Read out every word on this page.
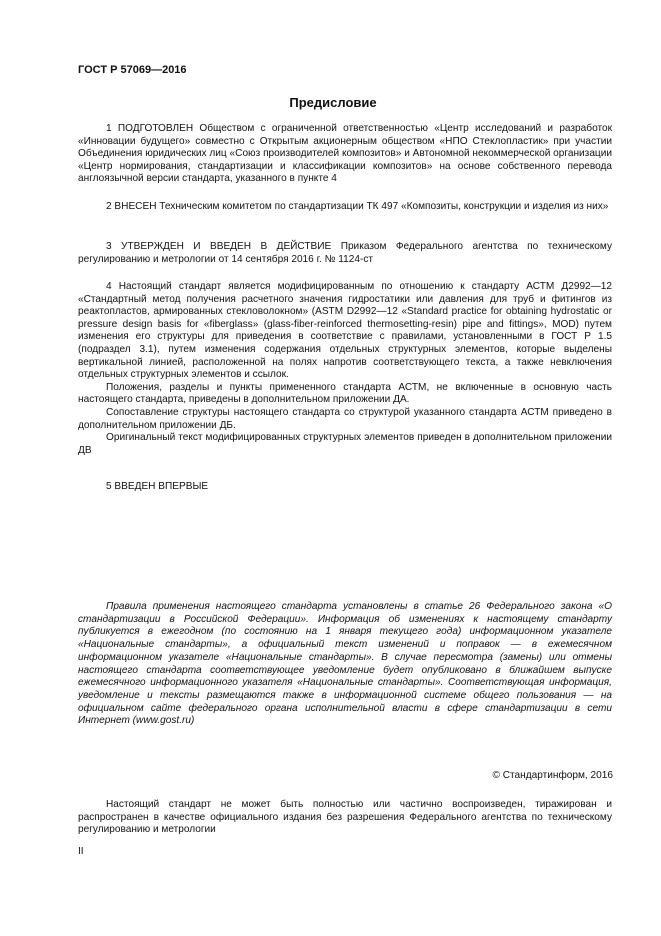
ГОСТ Р 57069—2016
Предисловие

1 ПОДГОТОВЛЕН Обществом с ограниченной ответственностью «Центр исследований и разработок «Инновации будущего» совместно с Открытым акционерным обществом «НПО Стеклопластик» при участии Объединения юридических лиц «Союз производителей композитов» и Автономной некоммерческой организации «Центр нормирования, стандартизации и классификации композитов» на основе собственного перевода англоязычной версии стандарта, указанного в пункте 4

2 ВНЕСЕН Техническим комитетом по стандартизации ТК 497 «Композиты, конструкции и изделия из них»

3 УТВЕРЖДЕН И ВВЕДЕН В ДЕЙСТВИЕ Приказом Федерального агентства по техническому регулированию и метрологии от 14 сентября 2016 г. № 1124-ст

4 Настоящий стандарт является модифицированным по отношению к стандарту АСТМ Д2992—12 «Стандартный метод получения расчетного значения гидростатики или давления для труб и фитингов из реактопластов, армированных стекловолокном» (ASTM D2992—12 «Standard practice for obtaining hydrostatic or pressure design basis for «fiberglass» (glass-fiber-reinforced thermosetting-resin) pipe and fittings», MOD) путем изменения его структуры для приведения в соответствие с правилами, установленными в ГОСТ Р 1.5 (подраздел 3.1), путем изменения содержания отдельных структурных элементов, которые выделены вертикальной линией, расположенной на полях напротив соответствующего текста, а также невключения отдельных структурных элементов и ссылок.

Положения, разделы и пункты примененного стандарта АСТМ, не включенные в основную часть настоящего стандарта, приведены в дополнительном приложении ДА.

Сопоставление структуры настоящего стандарта со структурой указанного стандарта АСТМ приведено в дополнительном приложении ДБ.

Оригинальный текст модифицированных структурных элементов приведен в дополнительном приложении ДВ

5 ВВЕДЕН ВПЕРВЫЕ

Правила применения настоящего стандарта установлены в статье 26 Федерального закона «О стандартизации в Российской Федерации». Информация об изменениях к настоящему стандарту публикуется в ежегодном (по состоянию на 1 января текущего года) информационном указателе «Национальные стандарты», а официальный текст изменений и поправок — в ежемесячном информационном указателе «Национальные стандарты». В случае пересмотра (замены) или отмены настоящего стандарта соответствующее уведомление будет опубликовано в ближайшем выпуске ежемесячного информационного указателя «Национальные стандарты». Соответствующая информация, уведомление и тексты размещаются также в информационной системе общего пользования — на официальном сайте федерального органа исполнительной власти в сфере стандартизации в сети Интернет (www.gost.ru)

© Стандартинформ, 2016

Настоящий стандарт не может быть полностью или частично воспроизведен, тиражирован и распространен в качестве официального издания без разрешения Федерального агентства по техническому регулированию и метрологии

II
